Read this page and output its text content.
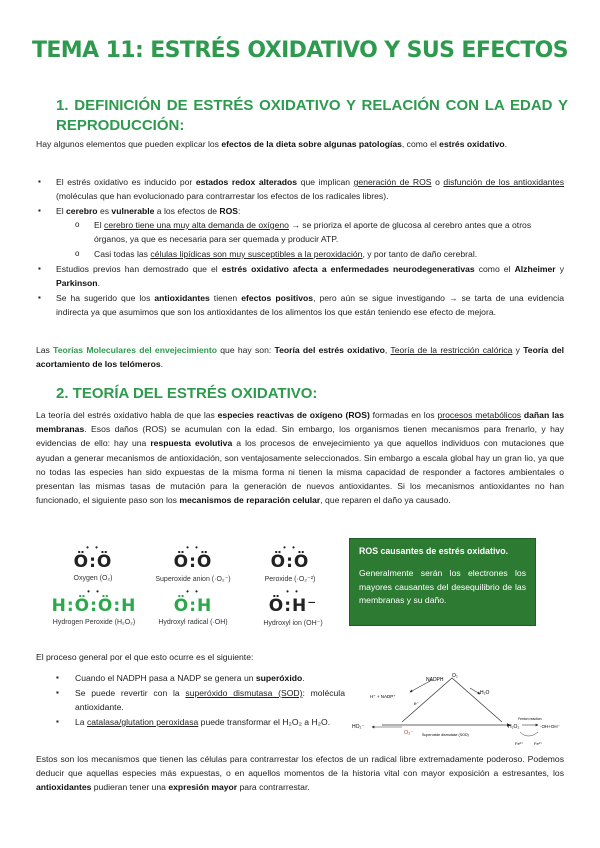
TEMA 11: ESTRÉS OXIDATIVO Y SUS EFECTOS
1. DEFINICIÓN DE ESTRÉS OXIDATIVO Y RELACIÓN CON LA EDAD Y REPRODUCCIÓN:
Hay algunos elementos que pueden explicar los efectos de la dieta sobre algunas patologías, como el estrés oxidativo.
▪	El estrés oxidativo es inducido por estados redox alterados que implican generación de ROS o disfunción de los antioxidantes (moléculas que han evolucionado para contrarrestar los efectos de los radicales libres).
▪	El cerebro es vulnerable a los efectos de ROS:
o	El cerebro tiene una muy alta demanda de oxígeno → se prioriza el aporte de glucosa al cerebro antes que a otros órganos, ya que es necesaria para ser quemada y producir ATP.
o	Casi todas las células lipídicas son muy susceptibles a la peroxidación, y por tanto de daño cerebral.
▪	Estudios previos han demostrado que el estrés oxidativo afecta a enfermedades neurodegenerativas como el Alzheimer y Parkinson.
▪	Se ha sugerido que los antioxidantes tienen efectos positivos, pero aún se sigue investigando → se tarta de una evidencia indirecta ya que asumimos que son los antioxidantes de los alimentos los que están teniendo ese efecto de mejora.
Las Teorías Moleculares del envejecimiento que hay son: Teoría del estrés oxidativo, Teoría de la restricción calórica y Teoría del acortamiento de los telómeros.
2. TEORÍA DEL ESTRÉS OXIDATIVO:
La teoría del estrés oxidativo habla de que las especies reactivas de oxígeno (ROS) formadas en los procesos metabólicos dañan las membranas. Esos daños (ROS) se acumulan con la edad. Sin embargo, los organismos tienen mecanismos para frenarlo, y hay evidencias de ello: hay una respuesta evolutiva a los procesos de envejecimiento ya que aquellos individuos con mutaciones que ayudan a generar mecanismos de antioxidación, son ventajosamente seleccionados. Sin embargo a escala global hay un gran lio, ya que no todas las especies han sido expuestas de la misma forma ni tienen la misma capacidad de responder a factores ambientales o presentan las mismas tasas de mutación para la generación de nuevos antioxidantes. Si los mecanismos antioxidantes no han funcionado, el siguiente paso son los mecanismos de reparación celular, que reparen el daño ya causado.
• •
Ö:Ö
Oxygen (O₂)
• •
Ö:Ö
Superoxide anion (·O₂⁻)
• •
Ö:Ö
Peroxide (·O₂⁻²)
• •
H:Ö:Ö:H
Hydrogen Peroxide (H₂O₂)
• •
Ö:H
Hydroxyl radical (·OH)
• •
Ö:H⁻
Hydroxyl ion (OH⁻)
ROS causantes de estrés oxidativo.
Generalmente serán los electrones los mayores causantes del desequilibrio de las membranas y su daño.
El proceso general por el que esto ocurre es el siguiente:
▪	Cuando el NADPH pasa a NADP se genera un superóxido.
▪	Se puede revertir con la superóxido dismutasa (SOD): molécula antioxidante.
▪	La catalasa/glutation peroxidasa puede transformar el H₂O₂ a H₂O.
NADPH
O₂
H⁺ + NADP⁺
e⁻
H₂O
HO₂⁻
O₂⁻ Superoxide dismutase (SOD)
H₂O₂
Fenton reaction
·OH+OH⁻
Fe²⁺	Fe³⁺
Estos son los mecanismos que tienen las células para contrarrestar los efectos de un radical libre extremadamente poderoso. Podemos deducir que aquellas especies más expuestas, o en aquellos momentos de la historia vital con mayor exposición a estresantes, los antioxidantes pudieran tener una expresión mayor para contrarrestar.
